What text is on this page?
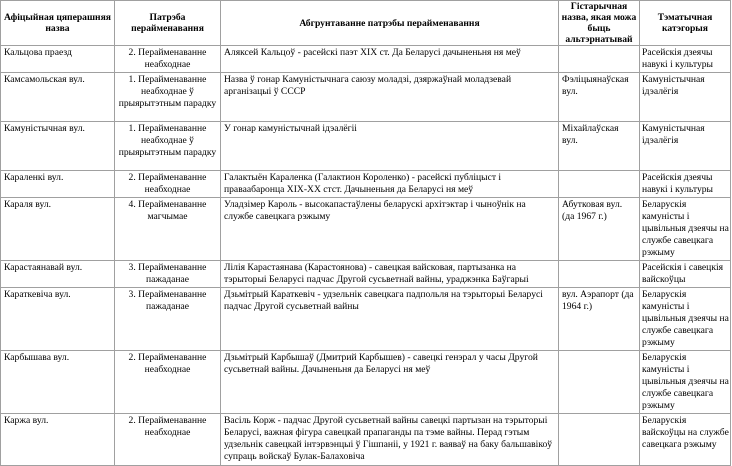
Афіцыйная цяперашняя назва	Патрэба перайменавання	Абгрунтаванне патрэбы перайменавання	Гістарычная назва, якая можа быць альтэрнатывай	Тэматычная катэгорыя
Кальцова праезд	2. Перайменаванне неабходнае	Аляксей Кальцоў - расейскі паэт XIX ст. Да Беларусі дачыненьня ня меў		Расейскія дзеячы навукі і культуры
Камсамольская вул.	1. Перайменаванне неабходнае ў прыярытэтным парадку	Назва ў гонар Камуністычнага саюзу моладзі, дзяржаўнай моладзевай арганізацыі ў СССР	Фэліцыянаўская вул.	Камуністычная ідэалёгія
Камуністычная вул.	1. Перайменаванне неабходнае ў прыярытэтным парадку	У гонар камуністычнай ідэалёгіі	Міхайлаўская вул.	Камуністычная ідэалёгія
Караленкі вул.	2. Перайменаванне неабходнае	Галактыён Караленка (Галактион Короленко) - расейскі публіцыст і праваабаронца XIX-XX стст. Дачыненьня да Беларусі ня меў		Расейскія дзеячы навукі і культуры
Караля вул.	4. Перайменаванне магчымае	Уладзімер Кароль - высокапастаўлены беларускі архітэктар і чыноўнік на службе савецкага рэжыму	Абутковая вул. (да 1967 г.)	Беларускія камуністы і цывільныя дзеячы на службе савецкага рэжыму
Карастаянавай вул.	3. Перайменаванне пажаданае	Лілія Карастаянава (Карастоянова) - савецкая вайсковая, партызанка на тэрыторыі Беларусі падчас Другой сусьветнай вайны, ураджэнка Баўгарыі		Расейскія і савецкія вайскоўцы
Караткевіча вул.	3. Перайменаванне пажаданае	Дзьмітрый Караткевіч - удзельнік савецкага падпольля на тэрыторыі Беларусі падчас Другой сусьветнай вайны	вул. Аэрапорт (да 1964 г.)	Беларускія камуністы і цывільныя дзеячы на службе савецкага рэжыму
Карбышава вул.	2. Перайменаванне неабходнае	Дзьмітрый Карбышаў (Дмитрий Карбышев) - савецкі генэрал у часы Другой сусьветнай вайны. Дачыненьня да Беларусі ня меў		Беларускія камуністы і цывільныя дзеячы на службе савецкага рэжыму
Каржа вул.	2. Перайменаванне неабходнае	Васіль Корж - падчас Другой сусьветнай вайны савецкі партызан на тэрыторыі Беларусі, важная фігура савецкай прапаганды па тэме вайны. Перад гэтым удзельнік савецкай інтэрвэнцыі ў Гішпаніі, у 1921 г. ваяваў на баку бальшавікоў супраць войскаў Булак-Балаховіча		Беларускія вайскоўцы на службе савецкага рэжыму
